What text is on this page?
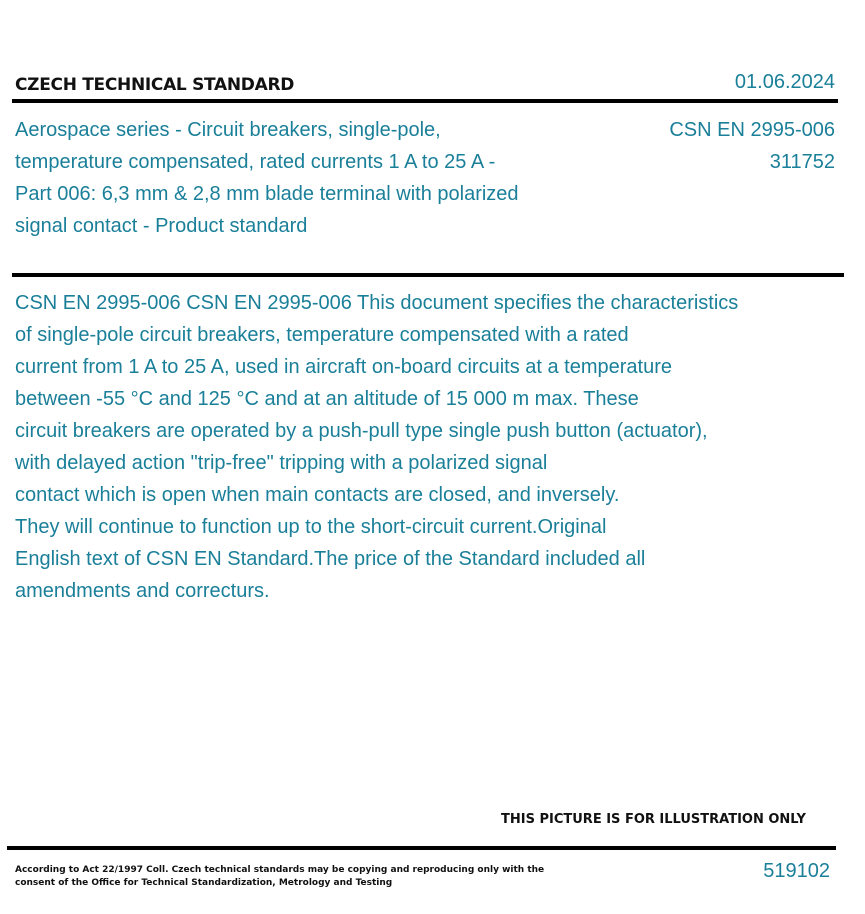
CZECH TECHNICAL STANDARD	01.06.2024
Aerospace series - Circuit breakers, single-pole, temperature compensated, rated currents 1 A to 25 A - Part 006: 6,3 mm & 2,8 mm blade terminal with polarized signal contact - Product standard
CSN EN 2995-006
311752
CSN EN 2995-006 CSN EN 2995-006 This document specifies the characteristics
of single-pole circuit breakers, temperature compensated with a rated
current from 1 A to 25 A, used in aircraft on-board circuits at a temperature
between -55 °C and 125 °C and at an altitude of 15 000 m max. These
circuit breakers are operated by a push-pull type single push button (actuator),
with delayed action "trip-free" tripping with a polarized signal
contact which is open when main contacts are closed, and inversely.
They will continue to function up to the short-circuit current.Original
English text of CSN EN Standard.The price of the Standard included all
amendments and correcturs.
THIS PICTURE IS FOR ILLUSTRATION ONLY
According to Act 22/1997 Coll. Czech technical standards may be copying and reproducing only with the consent of the Office for Technical Standardization, Metrology and Testing
519102
